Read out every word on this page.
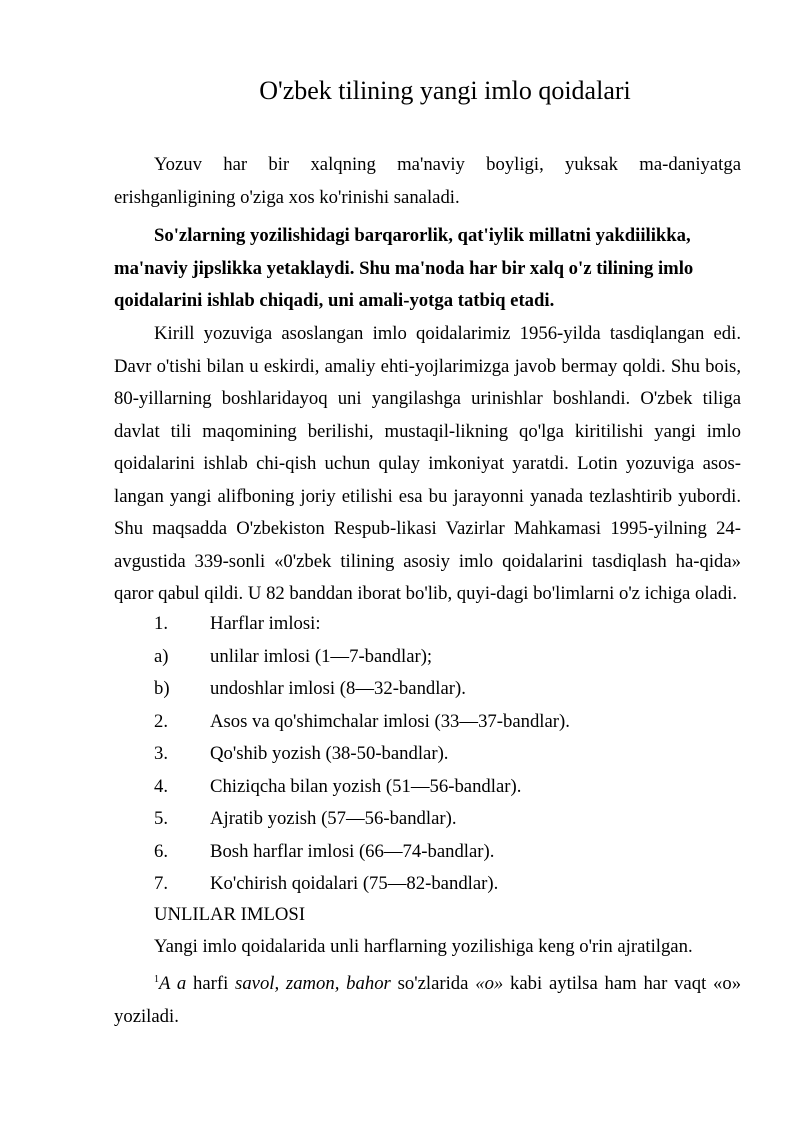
O'zbek tilining yangi imlo qoidalari
Yozuv har bir xalqning ma'naviy boyligi, yuksak ma-daniyatga erishganligining o'ziga xos ko'rinishi sanaladi.
So'zlarning yozilishidagi barqarorlik, qat'iylik millatni yakdiilikka, ma'naviy jipslikka yetaklaydi. Shu ma'noda har bir xalq o'z tilining imlo qoidalarini ishlab chiqadi, uni amali-yotga tatbiq etadi.
Kirill yozuviga asoslangan imlo qoidalarimiz 1956-yilda tasdiqlangan edi. Davr o'tishi bilan u eskirdi, amaliy ehti-yojlarimizga javob bermay qoldi. Shu bois, 80-yillarning boshlaridayoq uni yangilashga urinishlar boshlandi. O'zbek tiliga davlat tili maqomining berilishi, mustaqil-likning qo'lga kiritilishi yangi imlo qoidalarini ishlab chi-qish uchun qulay imkoniyat yaratdi. Lotin yozuviga asos-langan yangi alifboning joriy etilishi esa bu jarayonni yanada tezlashtirib yubordi. Shu maqsadda O'zbekiston Respub-likasi Vazirlar Mahkamasi 1995-yilning 24-avgustida 339-sonli «0'zbek tilining asosiy imlo qoidalarini tasdiqlash ha-qida» qaror qabul qildi. U 82 banddan iborat bo'lib, quyi-dagi bo'limlarni o'z ichiga oladi.
1. Harflar imlosi:
a) unlilar imlosi (1—7-bandlar);
b) undoshlar imlosi (8—32-bandlar).
2. Asos va qo'shimchalar imlosi (33—37-bandlar).
3. Qo'shib yozish (38-50-bandlar).
4. Chiziqcha bilan yozish (51—56-bandlar).
5. Ajratib yozish (57—56-bandlar).
6. Bosh harflar imlosi (66—74-bandlar).
7. Ko'chirish qoidalari (75—82-bandlar).
UNLILAR IMLOSI
Yangi imlo qoidalarida unli harflarning yozilishiga keng o'rin ajratilgan.
$^1$A a harfi savol, zamon, bahor so'zlarida «o» kabi aytilsa ham har vaqt «o» yoziladi.
